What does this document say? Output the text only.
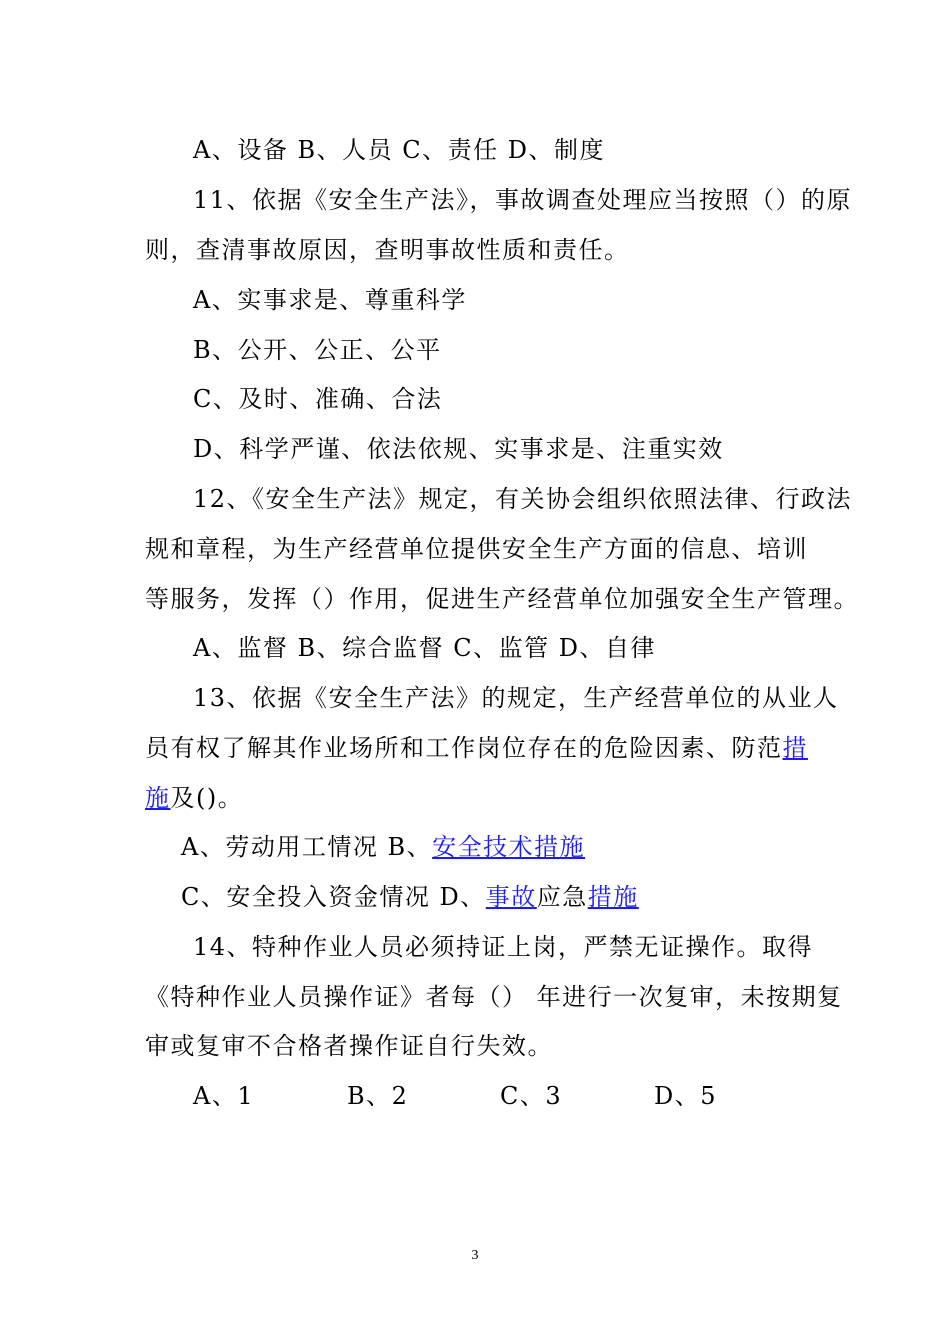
A、设备 B、人员 C、责任 D、制度
11、依据《安全生产法》，事故调查处理应当按照（）的原
则，查清事故原因，查明事故性质和责任。
A、实事求是、尊重科学
B、公开、公正、公平
C、及时、准确、合法
D、科学严谨、依法依规、实事求是、注重实效
12、《安全生产法》规定，有关协会组织依照法律、行政法
规和章程，为生产经营单位提供安全生产方面的信息、培训
等服务，发挥（）作用，促进生产经营单位加强安全生产管理。
A、监督 B、综合监督 C、监管 D、自律
13、依据《安全生产法》的规定，生产经营单位的从业人
员有权了解其作业场所和工作岗位存在的危险因素、防范措
施及()。
A、劳动用工情况 B、安全技术措施
C、安全投入资金情况 D、事故应急措施
14、特种作业人员必须持证上岗，严禁无证操作。取得
《特种作业人员操作证》者每（） 年进行一次复审，未按期复
审或复审不合格者操作证自行失效。
A、1	B、2	C、3	D、5
3
